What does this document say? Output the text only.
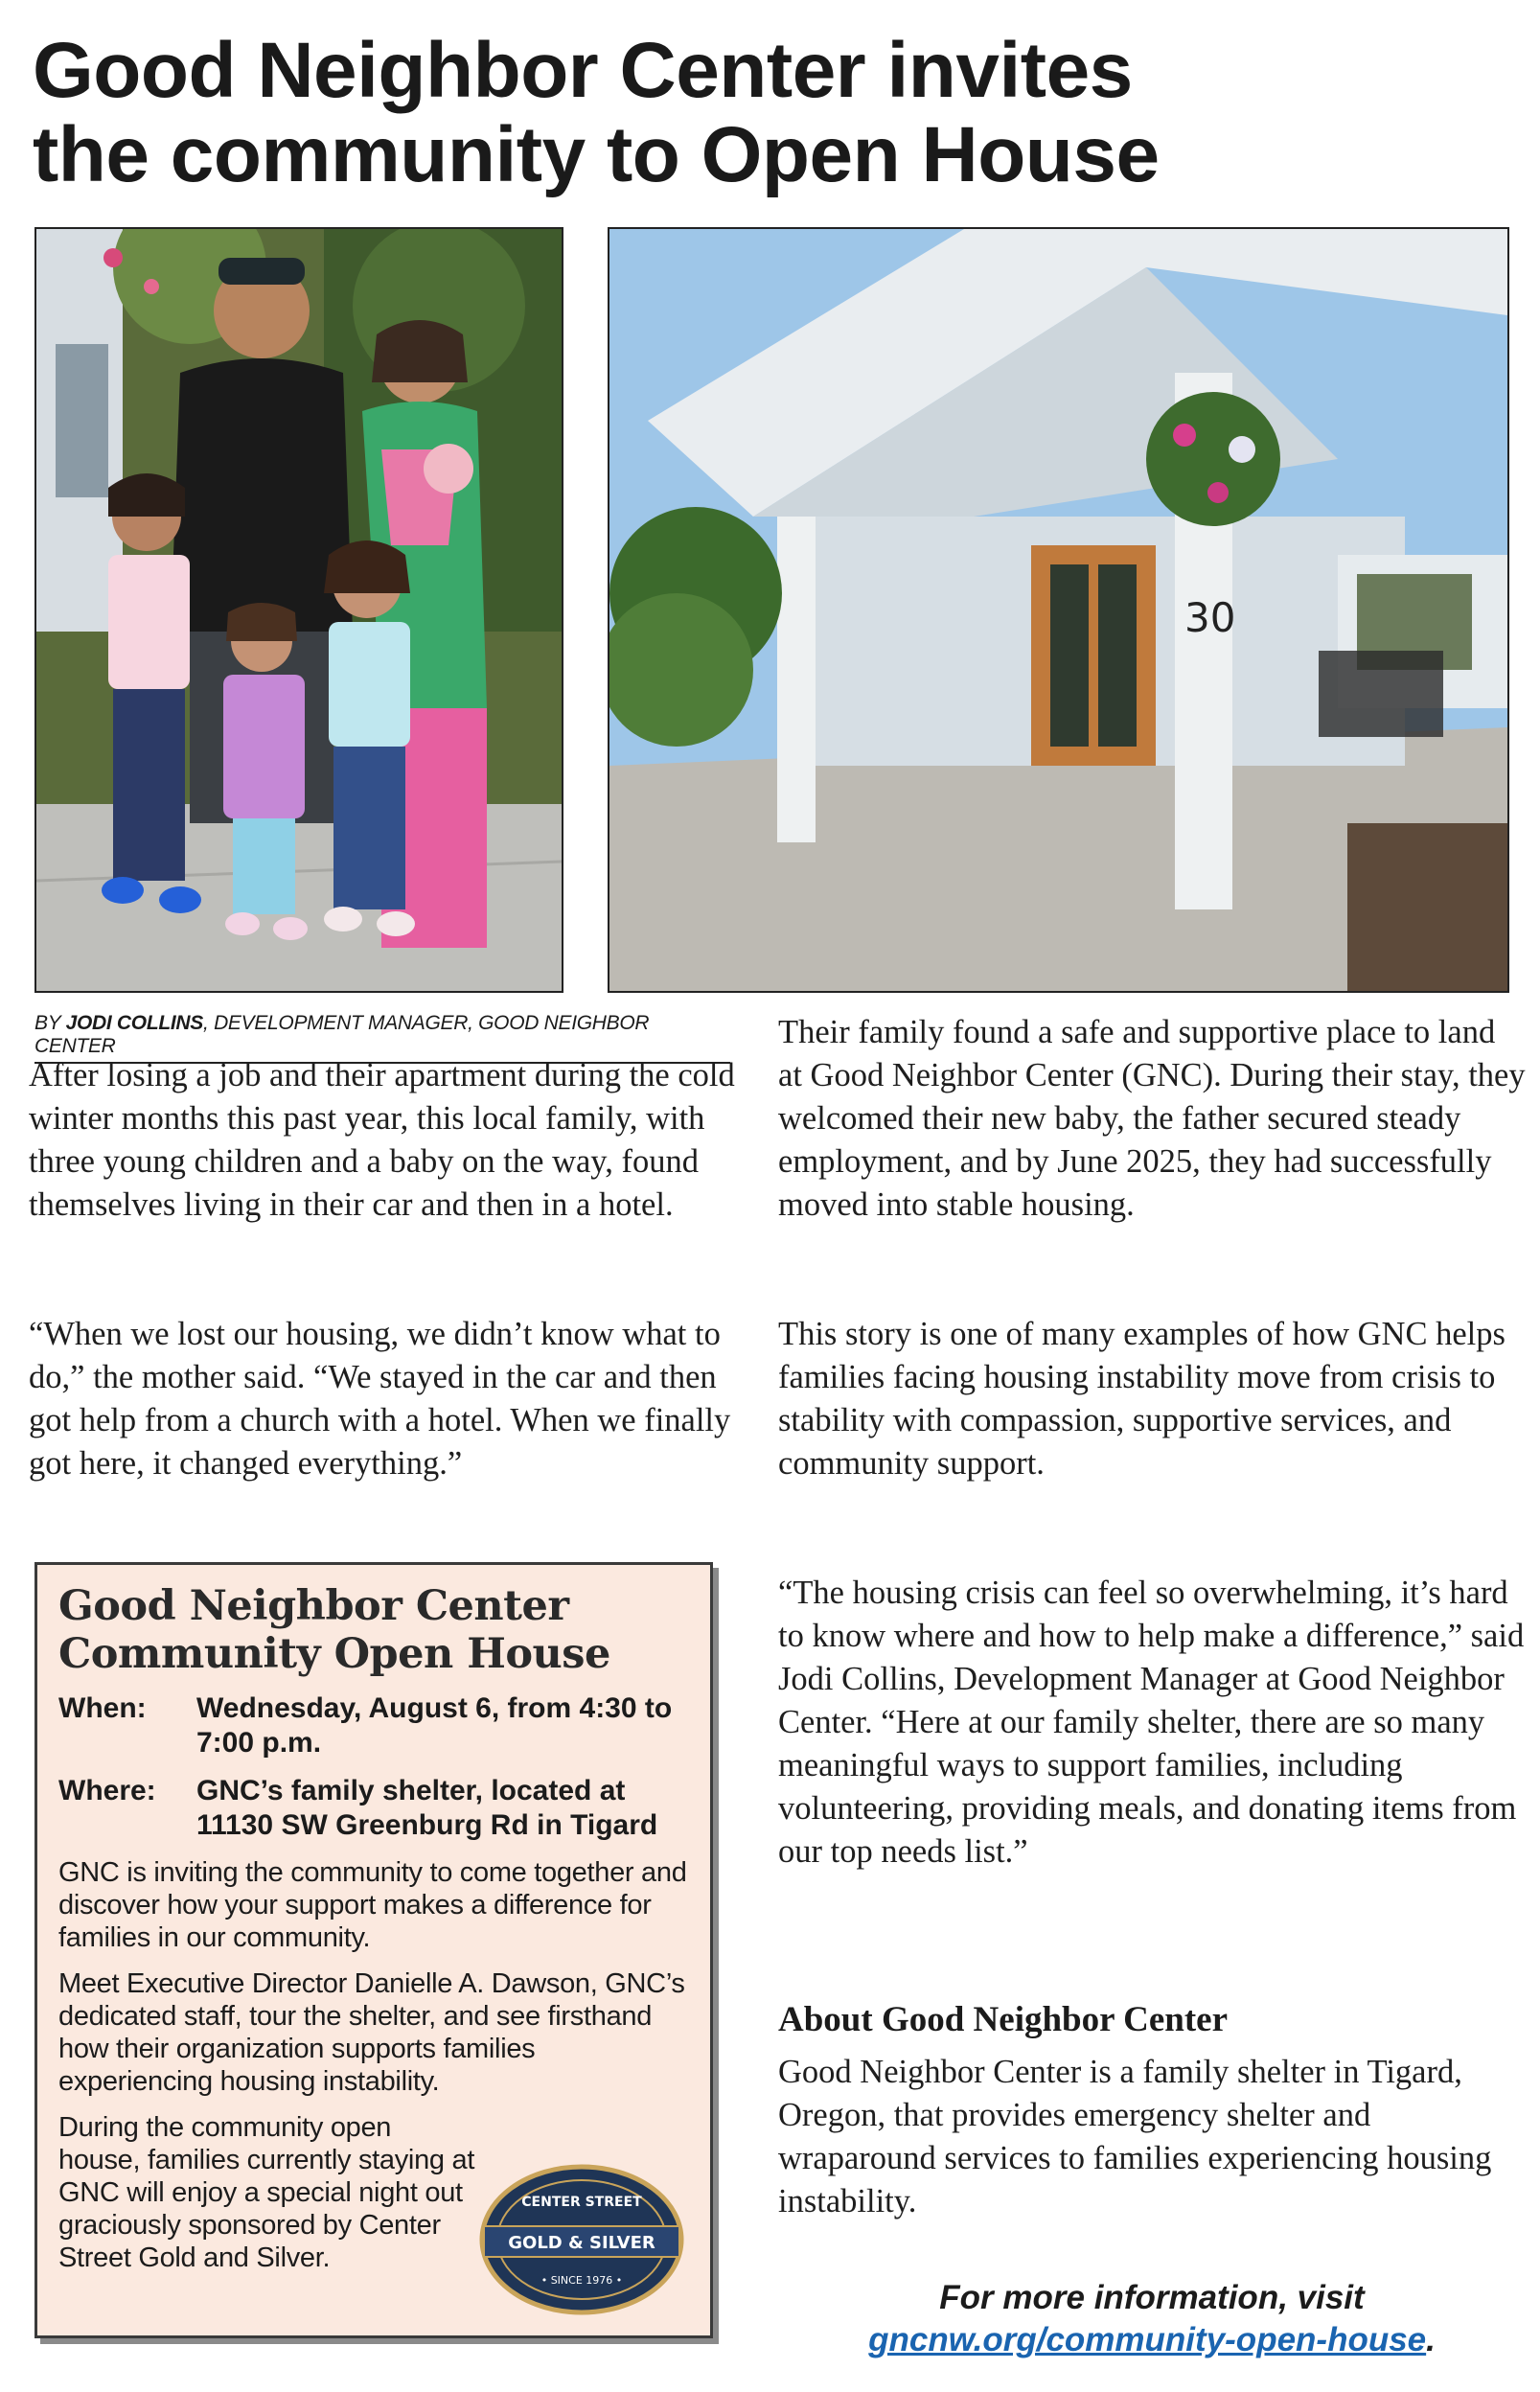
Good Neighbor Center invites
the community to Open House
30
BY JODI COLLINS, DEVELOPMENT MANAGER, GOOD NEIGHBOR CENTER

After losing a job and their apartment during the cold winter months this past year, this local family, with three young children and a baby on the way, found themselves living in their car and then in a hotel.

“When we lost our housing, we didn’t know what to do,” the mother said. “We stayed in the car and then got help from a church with a hotel. When we finally got here, it changed everything.”

Their family found a safe and supportive place to land at Good Neighbor Center (GNC). During their stay, they welcomed their new baby, the father secured steady employment, and by June 2025, they had successfully moved into stable housing.

This story is one of many examples of how GNC helps families facing housing instability move from crisis to stability with compassion, supportive services, and community support.

“The housing crisis can feel so overwhelming, it’s hard to know where and how to help make a difference,” said Jodi Collins, Development Manager at Good Neighbor Center. “Here at our family shelter, there are so many meaningful ways to support families, including volunteering, providing meals, and donating items from our top needs list.”

About Good Neighbor Center

Good Neighbor Center is a family shelter in Tigard, Oregon, that provides emergency shelter and wraparound services to families experiencing housing instability.

Good Neighbor Center
Community Open House
When:	Wednesday, August 6, from 4:30 to 7:00 p.m.
Where:	GNC’s family shelter, located at 11130 SW Greenburg Rd in Tigard

GNC is inviting the community to come together and discover how your support makes a difference for families in our community.

Meet Executive Director Danielle A. Dawson, GNC’s dedicated staff, tour the shelter, and see firsthand how their organization supports families experiencing housing instability.

During the community open house, families currently staying at GNC will enjoy a special night out graciously sponsored by Center Street Gold and Silver.

CENTER STREET
GOLD & SILVER
• SINCE 1976 •	For more information, visit
gncnw.org/community-open-house.
